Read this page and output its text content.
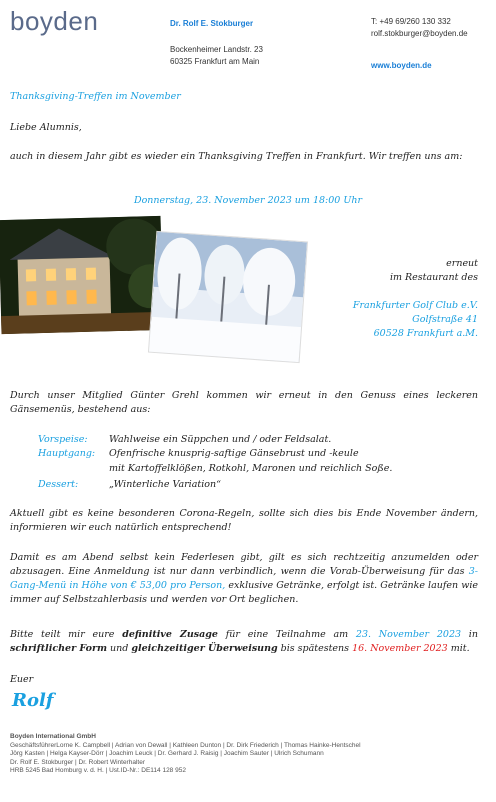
boyden	Dr. Rolf E. Stokburger
Bockenheimer Landstr. 23
60325 Frankfurt am Main
T: +49 69/260 130 332
rolf.stokburger@boyden.de
www.boyden.de
Thanksgiving-Treffen im November
Liebe Alumnis,
auch in diesem Jahr gibt es wieder ein Thanksgiving Treffen in Frankfurt. Wir treffen uns am:
Donnerstag, 23. November 2023 um 18:00 Uhr
erneut
im Restaurant des
Frankfurter Golf Club e.V.
Golfstraße 41
60528 Frankfurt a.M.
Durch unser Mitglied Günter Grehl kommen wir erneut in den Genuss eines leckeren Gänsemenüs, bestehend aus:
Vorspeise: Wahlweise ein Süppchen und / oder Feldsalat.
Hauptgang: Ofenfrische knusprig-saftige Gänsebrust und -keule
mit Kartoffelklößen, Rotkohl, Maronen und reichlich Soße.
Dessert:	„Winterliche Variation“
Aktuell gibt es keine besonderen Corona-Regeln, sollte sich dies bis Ende November ändern, informieren wir euch natürlich entsprechend!
Damit es am Abend selbst kein Federlesen gibt, gilt es sich rechtzeitig anzumelden oder abzusagen. Eine Anmeldung ist nur dann verbindlich, wenn die Vorab-Überweisung für das 3-Gang-Menü in Höhe von € 53,00 pro Person, exklusive Getränke, erfolgt ist. Getränke laufen wie immer auf Selbstzahlerbasis und werden vor Ort beglichen.
Bitte teilt mir eure definitive Zusage für eine Teilnahme am 23. November 2023 in schriftlicher Form und gleichzeitiger Überweisung bis spätestens 16. November 2023 mit.
Euer
Rolf
Boyden International GmbH
GeschäftsführerLorne K. Campbell | Adrian von Dewall | Kathleen Dunton | Dr. Dirk Friederich | Thomas Hainke-Hentschel
Jörg Kasten | Helga Kayser-Dörr | Joachim Leuck | Dr. Gerhard J. Raisig | Joachim Sauter | Ulrich Schumann
Dr. Rolf E. Stokburger | Dr. Robert Winterhalter
HRB 5245 Bad Homburg v. d. H. | Ust.ID-Nr.: DE114 128 952
